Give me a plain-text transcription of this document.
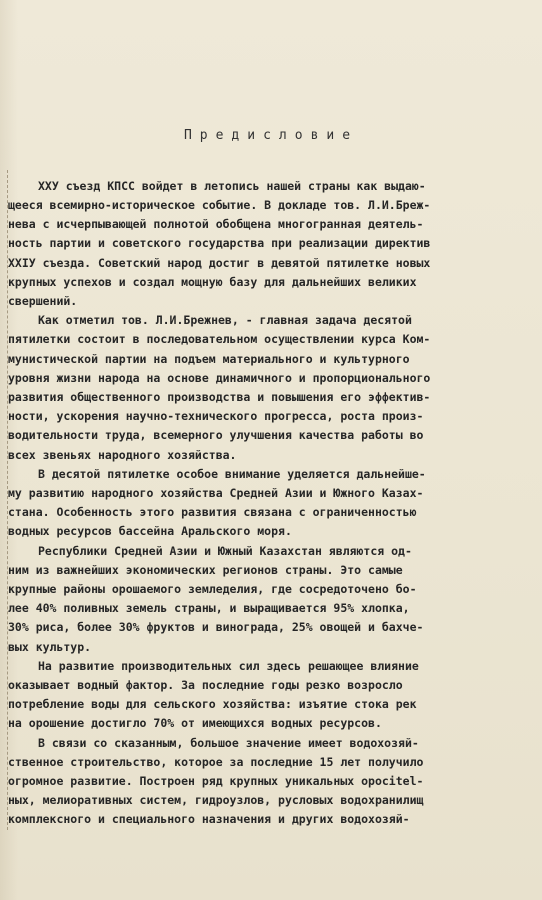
Предисловие
ХХУ съезд КПСС войдет в летопись нашей страны как выдаю-
щееся всемирно-историческое событие. В докладе тов. Л.И.Бреж-
нева с исчерпывающей полнотой обобщена многогранная деятель-
ность партии и советского государства при реализации директив
ХХIУ съезда. Советский народ достиг в девятой пятилетке новых
крупных успехов и создал мощную базу для дальнейших великих
свершений.
Как отметил тов. Л.И.Брежнев, - главная задача десятой
пятилетки состоит в последовательном осуществлении курса Ком-
мунистической партии на подъем материального и культурного
уровня жизни народа на основе динамичного и пропорционального
развития общественного производства и повышения его эффектив-
ности, ускорения научно-технического прогресса, роста произ-
водительности труда, всемерного улучшения качества работы во
всех звеньях народного хозяйства.
В десятой пятилетке особое внимание уделяется дальнейше-
му развитию народного хозяйства Средней Азии и Южного Казах-
стана. Особенность этого развития связана с ограниченностью
водных ресурсов бассейна Аральского моря.
Республики Средней Азии и Южный Казахстан являются од-
ним из важнейших экономических регионов страны. Это самые
крупные районы орошаемого земледелия, где сосредоточено бо-
лее 40% поливных земель страны, и выращивается 95% хлопка,
30% риса, более 30% фруктов и винограда, 25% овощей и бахче-
вых культур.
На развитие производительных сил здесь решающее влияние
оказывает водный фактор. За последние годы резко возросло
потребление воды для сельского хозяйства: изъятие стока рек
на орошение достигло 70% от имеющихся водных ресурсов.
В связи со сказанным, большое значение имеет водохозяй-
ственное строительство, которое за последние 15 лет получило
огромное развитие. Построен ряд крупных уникальных оросitel-
ных, мелиоративных систем, гидроузлов, русловых водохранилищ
комплексного и специального назначения и других водохозяй-
